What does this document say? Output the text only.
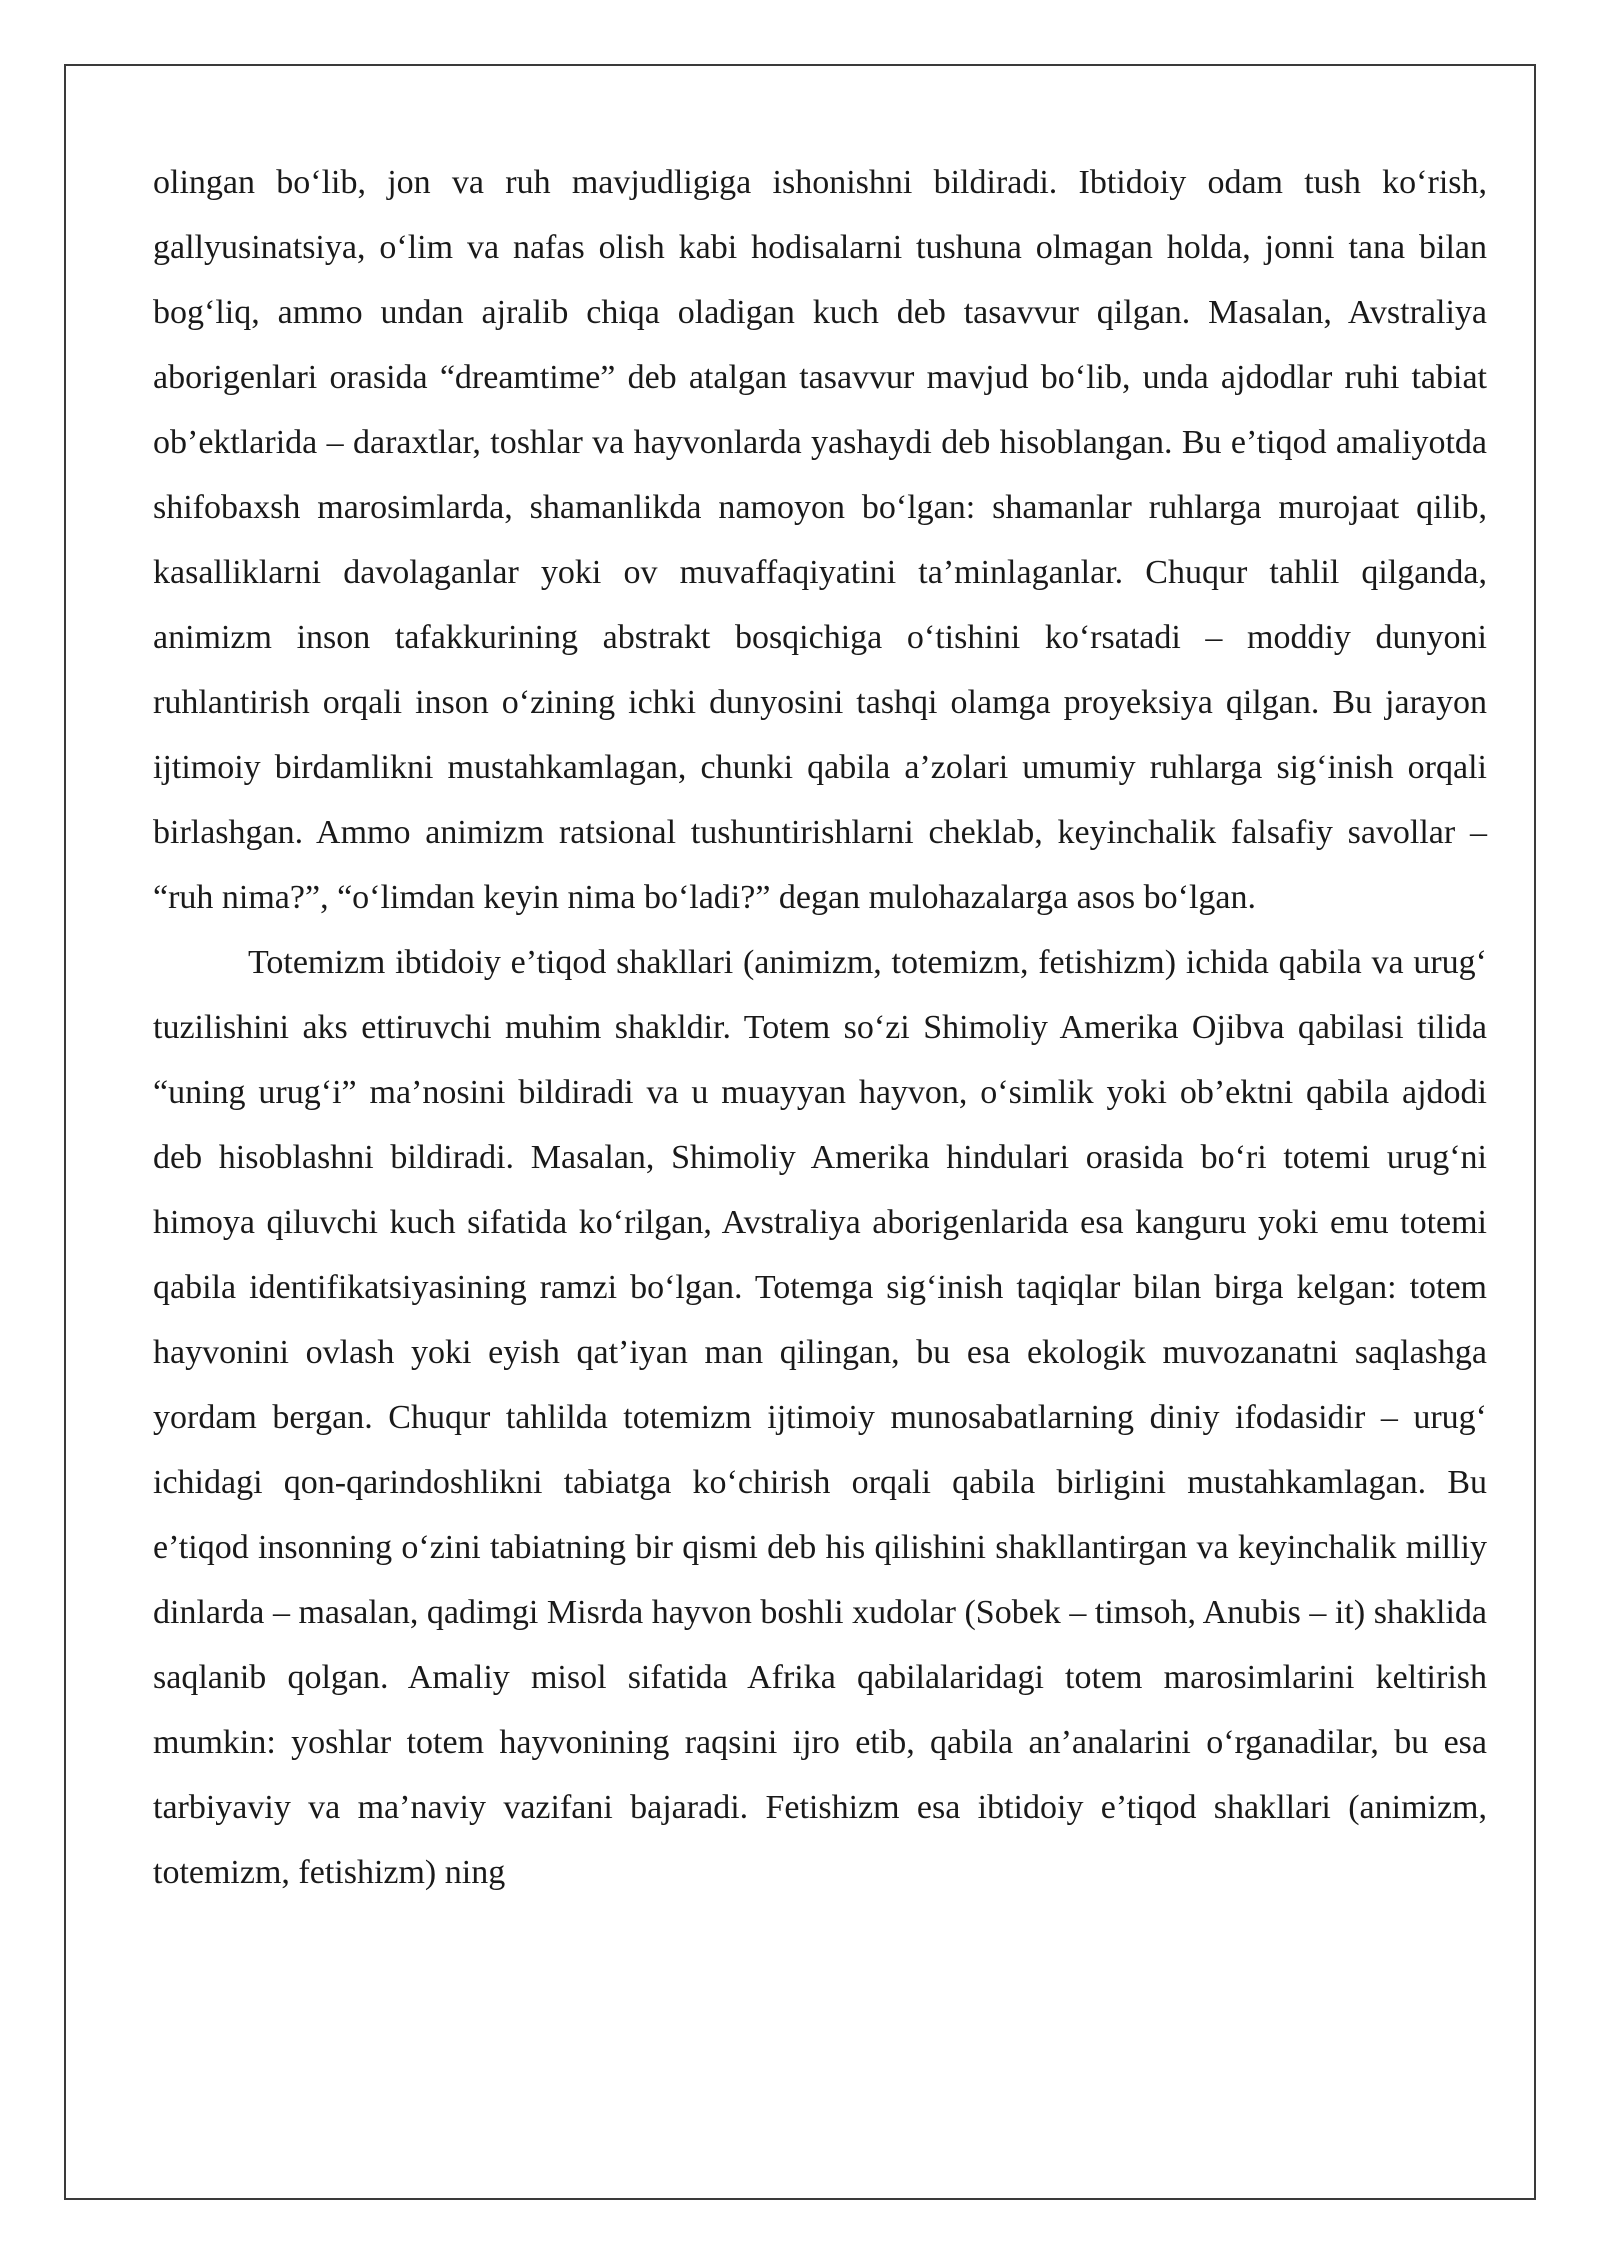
olingan bo‘lib, jon va ruh mavjudligiga ishonishni bildiradi. Ibtidoiy odam tush ko‘rish, gallyusinatsiya, o‘lim va nafas olish kabi hodisalarni tushuna olmagan holda, jonni tana bilan bog‘liq, ammo undan ajralib chiqa oladigan kuch deb tasavvur qilgan. Masalan, Avstraliya aborigenlari orasida “dreamtime” deb atalgan tasavvur mavjud bo‘lib, unda ajdodlar ruhi tabiat ob’ektlarida – daraxtlar, toshlar va hayvonlarda yashaydi deb hisoblangan. Bu e’tiqod amaliyotda shifobaxsh marosimlarda, shamanlikda namoyon bo‘lgan: shamanlar ruhlarga murojaat qilib, kasalliklarni davolaganlar yoki ov muvaffaqiyatini ta’minlaganlar. Chuqur tahlil qilganda, animizm inson tafakkurining abstrakt bosqichiga o‘tishini ko‘rsatadi – moddiy dunyoni ruhlantirish orqali inson o‘zining ichki dunyosini tashqi olamga proyeksiya qilgan. Bu jarayon ijtimoiy birdamlikni mustahkamlagan, chunki qabila a’zolari umumiy ruhlarga sig‘inish orqali birlashgan. Ammo animizm ratsional tushuntirishlarni cheklab, keyinchalik falsafiy savollar – “ruh nima?”, “o‘limdan keyin nima bo‘ladi?” degan mulohazalarga asos bo‘lgan.

Totemizm ibtidoiy e’tiqod shakllari (animizm, totemizm, fetishizm) ichida qabila va urug‘ tuzilishini aks ettiruvchi muhim shakldir. Totem so‘zi Shimoliy Amerika Ojibva qabilasi tilida “uning urug‘i” ma’nosini bildiradi va u muayyan hayvon, o‘simlik yoki ob’ektni qabila ajdodi deb hisoblashni bildiradi. Masalan, Shimoliy Amerika hindulari orasida bo‘ri totemi urug‘ni himoya qiluvchi kuch sifatida ko‘rilgan, Avstraliya aborigenlarida esa kanguru yoki emu totemi qabila identifikatsiyasining ramzi bo‘lgan. Totemga sig‘inish taqiqlar bilan birga kelgan: totem hayvonini ovlash yoki eyish qat’iyan man qilingan, bu esa ekologik muvozanatni saqlashga yordam bergan. Chuqur tahlilda totemizm ijtimoiy munosabatlarning diniy ifodasidir – urug‘ ichidagi qon-qarindoshlikni tabiatga ko‘chirish orqali qabila birligini mustahkamlagan. Bu e’tiqod insonning o‘zini tabiatning bir qismi deb his qilishini shakllantirgan va keyinchalik milliy dinlarda – masalan, qadimgi Misrda hayvon boshli xudolar (Sobek – timsoh, Anubis – it) shaklida saqlanib qolgan. Amaliy misol sifatida Afrika qabilalaridagi totem marosimlarini keltirish mumkin: yoshlar totem hayvonining raqsini ijro etib, qabila an’analarini o‘rganadilar, bu esa tarbiyaviy va ma’naviy vazifani bajaradi. Fetishizm esa ibtidoiy e’tiqod shakllari (animizm, totemizm, fetishizm) ning
